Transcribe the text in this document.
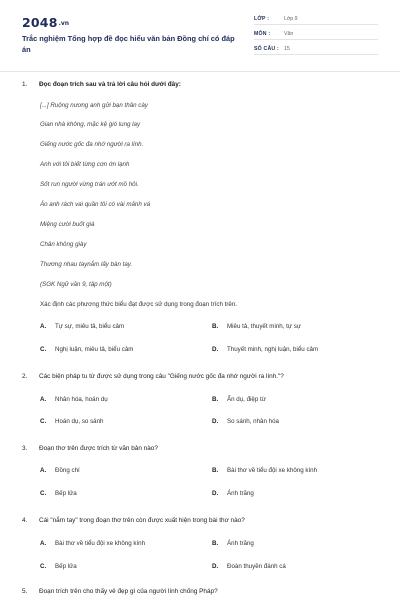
2048.vn
Trắc nghiệm Tổng hợp đề đọc hiểu văn bản Đồng chí có đáp án
LỚP :	Lớp 9
MÔN :	Văn
SỐ CÂU : 15
1. Đọc đoạn trích sau và trả lời câu hỏi dưới đây:
[...] Ruộng nương anh gửi bạn thân cày
Gian nhà không, mặc kệ gió lung lay
Giếng nước gốc đa nhớ người ra lính.
Anh với tôi biết từng cơn ớn lạnh
Sốt run người vừng trán ướt mồ hôi.
Áo anh rách vai quần tôi có vài mảnh vá
Miệng cười buốt giá
Chân không giày
Thương nhau taynắm lấy bàn tay.
(SGK Ngữ văn 9, tập một)
Xác định các phương thức biểu đạt được sử dụng trong đoạn trích trên.
A. Tự sự, miêu tả, biểu cảm	B. Miêu tả, thuyết minh, tự sự
C. Nghị luận, miêu tả, biểu cảm	D. Thuyết minh, nghị luận, biểu cảm
2. Các biện pháp tu từ được sử dụng trong câu "Giếng nước gốc đa nhớ người ra lính."?
A. Nhân hóa, hoán dụ	B. Ẩn dụ, điệp từ
C. Hoán dụ, so sánh	D. So sánh, nhân hóa
3. Đoạn thơ trên được trích từ văn bản nào?
A. Đồng chí	B. Bài thơ về tiểu đội xe không kính
C. Bếp lửa	D. Ánh trăng
4. Cái "nắm tay" trong đoạn thơ trên còn được xuất hiện trong bài thơ nào?
A. Bài thơ về tiểu đội xe không kính	B. Ánh trăng
C. Bếp lửa	D. Đoàn thuyền đánh cá
5. Đoạn trích trên cho thấy vẻ đẹp gì của người lính chống Pháp?
